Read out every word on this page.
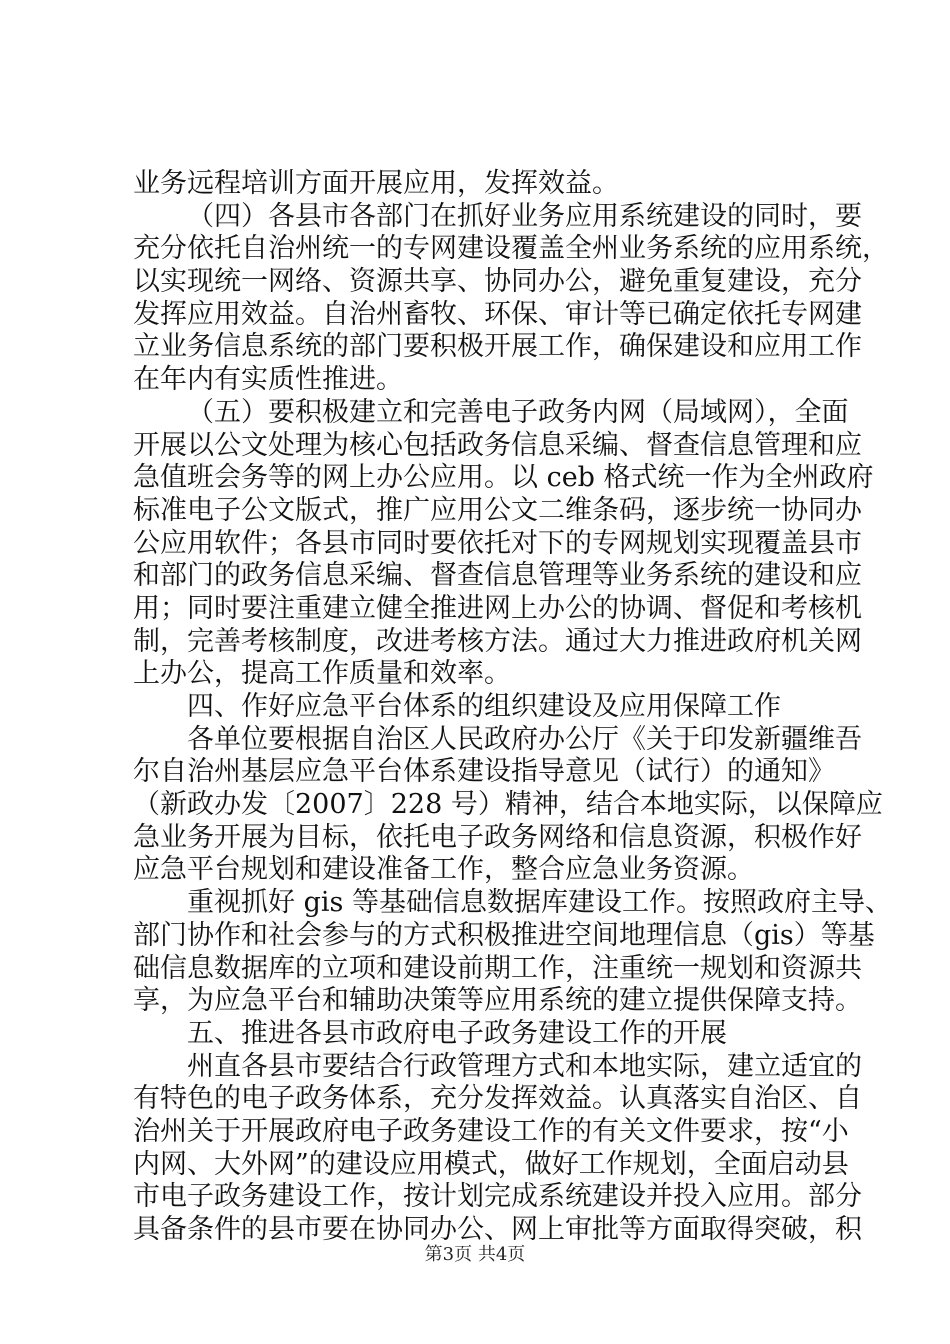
业务远程培训方面开展应用，发挥效益。
（四）各县市各部门在抓好业务应用系统建设的同时，要
充分依托自治州统一的专网建设覆盖全州业务系统的应用系统，
以实现统一网络、资源共享、协同办公，避免重复建设，充分
发挥应用效益。自治州畜牧、环保、审计等已确定依托专网建
立业务信息系统的部门要积极开展工作，确保建设和应用工作
在年内有实质性推进。
（五）要积极建立和完善电子政务内网（局域网），全面
开展以公文处理为核心包括政务信息采编、督查信息管理和应
急值班会务等的网上办公应用。以 ceb 格式统一作为全州政府
标准电子公文版式，推广应用公文二维条码，逐步统一协同办
公应用软件；各县市同时要依托对下的专网规划实现覆盖县市
和部门的政务信息采编、督查信息管理等业务系统的建设和应
用；同时要注重建立健全推进网上办公的协调、督促和考核机
制，完善考核制度，改进考核方法。通过大力推进政府机关网
上办公，提高工作质量和效率。
四、作好应急平台体系的组织建设及应用保障工作
各单位要根据自治区人民政府办公厅《关于印发新疆维吾
尔自治州基层应急平台体系建设指导意见（试行）的通知》
（新政办发〔2007〕228 号）精神，结合本地实际，以保障应
急业务开展为目标，依托电子政务网络和信息资源，积极作好
应急平台规划和建设准备工作，整合应急业务资源。
重视抓好 gis 等基础信息数据库建设工作。按照政府主导、
部门协作和社会参与的方式积极推进空间地理信息（gis）等基
础信息数据库的立项和建设前期工作，注重统一规划和资源共
享，为应急平台和辅助决策等应用系统的建立提供保障支持。
五、推进各县市政府电子政务建设工作的开展
州直各县市要结合行政管理方式和本地实际，建立适宜的
有特色的电子政务体系，充分发挥效益。认真落实自治区、自
治州关于开展政府电子政务建设工作的有关文件要求，按“小
内网、大外网”的建设应用模式，做好工作规划，全面启动县
市电子政务建设工作，按计划完成系统建设并投入应用。部分
具备条件的县市要在协同办公、网上审批等方面取得突破，积
第3页 共4页
